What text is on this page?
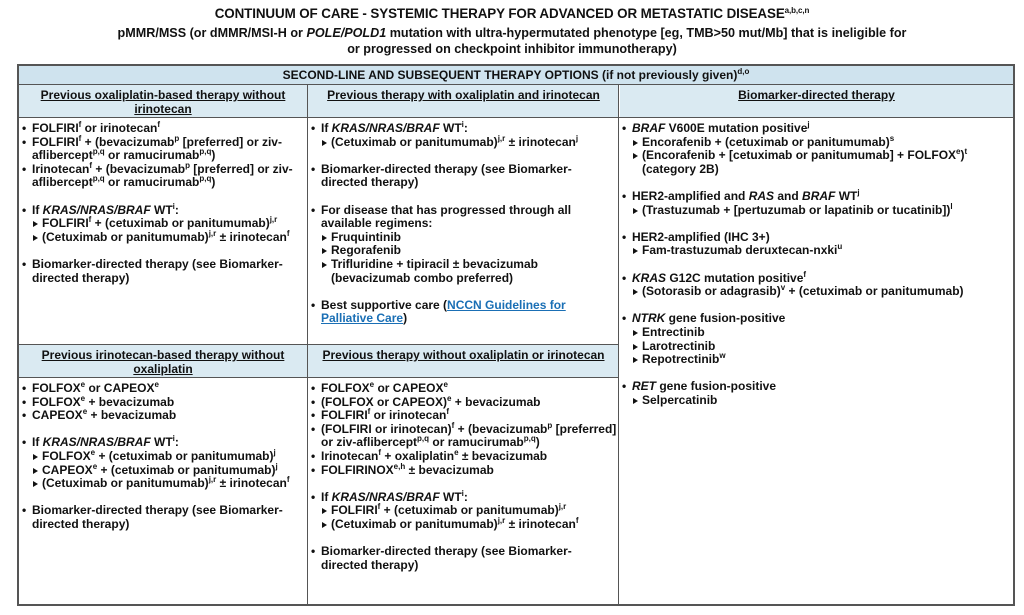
CONTINUUM OF CARE - SYSTEMIC THERAPY FOR ADVANCED OR METASTATIC DISEASE$^{a,b,c,n}$
pMMR/MSS (or dMMR/MSI-H or POLE/POLD1 mutation with ultra-hypermutated phenotype [eg, TMB>50 mut/Mb] that is ineligible for
or progressed on checkpoint inhibitor immunotherapy)
SECOND-LINE AND SUBSEQUENT THERAPY OPTIONS (if not previously given)$^{d,o}$
Previous oxaliplatin-based therapy without irinotecan
Previous therapy with oxaliplatin and irinotecan	Biomarker-directed therapy
Previous irinotecan-based therapy without oxaliplatin
Previous therapy without oxaliplatin or irinotecan
• FOLFIRI$^f$ or irinotecan$^f$
• $FOLFIRI^f$ + (bevacizumab$^p$ [preferred] or ziv-aflibercept$^{p,q}$ or ramucirumab$^{p,q}$)
• Irinotecan$^f$ + (bevacizumab$^p$ [preferred] or ziv-aflibercept$^{p,q}$ or ramucirumab$^{p,q}$)
• If KRAS/NRAS/BRAF $WT^i$:
$FOLFIRI^f$ + (cetuximab or panitumumab)$^{j,r}$
(Cetuximab or panitumumab)$^{j,r}$ ± irinotecan$^f$
• Biomarker-directed therapy (see Biomarker-directed therapy)
• If KRAS/NRAS/BRAF $WT^i$:
(Cetuximab or panitumumab)$^{j,r}$ ± irinotecan$^j$
• Biomarker-directed therapy (see Biomarker-directed therapy)
• For disease that has progressed through all available regimens:
Fruquintinib
Regorafenib
Trifluridine + tipiracil ± bevacizumab (bevacizumab combo preferred)
• Best supportive care (NCCN Guidelines for Palliative Care)
• BRAF V600E mutation positive$^j$
Encorafenib + (cetuximab or panitumumab)$^s$
(Encorafenib + [cetuximab or panitumumab] + $FOLFOX^e)^t$ (category 2B)
• HER2-amplified and RAS and BRAF $WT^j$
(Trastuzumab + [pertuzumab or lapatinib or tucatinib])$^l$
• HER2-amplified (IHC 3+)
Fam-trastuzumab deruxtecan-nxki$^u$
• KRAS G12C mutation positive$^f$
(Sotorasib or adagrasib)$^v$ + (cetuximab or panitumumab)
• NTRK gene fusion-positive
Entrectinib
Larotrectinib
Repotrectinib$^w$
• RET gene fusion-positive
Selpercatinib
• FOLFOX$^e$ or CAPEOX$^e$
• $FOLFOX^e$ + bevacizumab
• $CAPEOX^e$ + bevacizumab
• If KRAS/NRAS/BRAF $WT^i$:
$FOLFOX^e$ + (cetuximab or panitumumab)$^j$
$CAPEOX^e$ + (cetuximab or panitumumab)$^j$
(Cetuximab or panitumumab)$^{j,r}$ ± irinotecan$^f$
• Biomarker-directed therapy (see Biomarker-directed therapy)
• FOLFOX$^e$ or CAPEOX$^e$
• (FOLFOX or CAPEOX)$^e$ + bevacizumab
• FOLFIRI$^f$ or irinotecan$^f$
• (FOLFIRI or irinotecan)$^f$ + (bevacizumab$^p$ [preferred] or ziv-aflibercept$^{p,q}$ or ramucirumab$^{p,q}$)
• Irinotecan$^f$ + oxaliplatin$^e$ ± bevacizumab
• FOLFIRINOX$^{e,h}$ ± bevacizumab
• If KRAS/NRAS/BRAF $WT^i$:
$FOLFIRI^f$ + (cetuximab or panitumumab)$^{j,r}$
(Cetuximab or panitumumab)$^{j,r}$ ± irinotecan$^f$
• Biomarker-directed therapy (see Biomarker-directed therapy)
